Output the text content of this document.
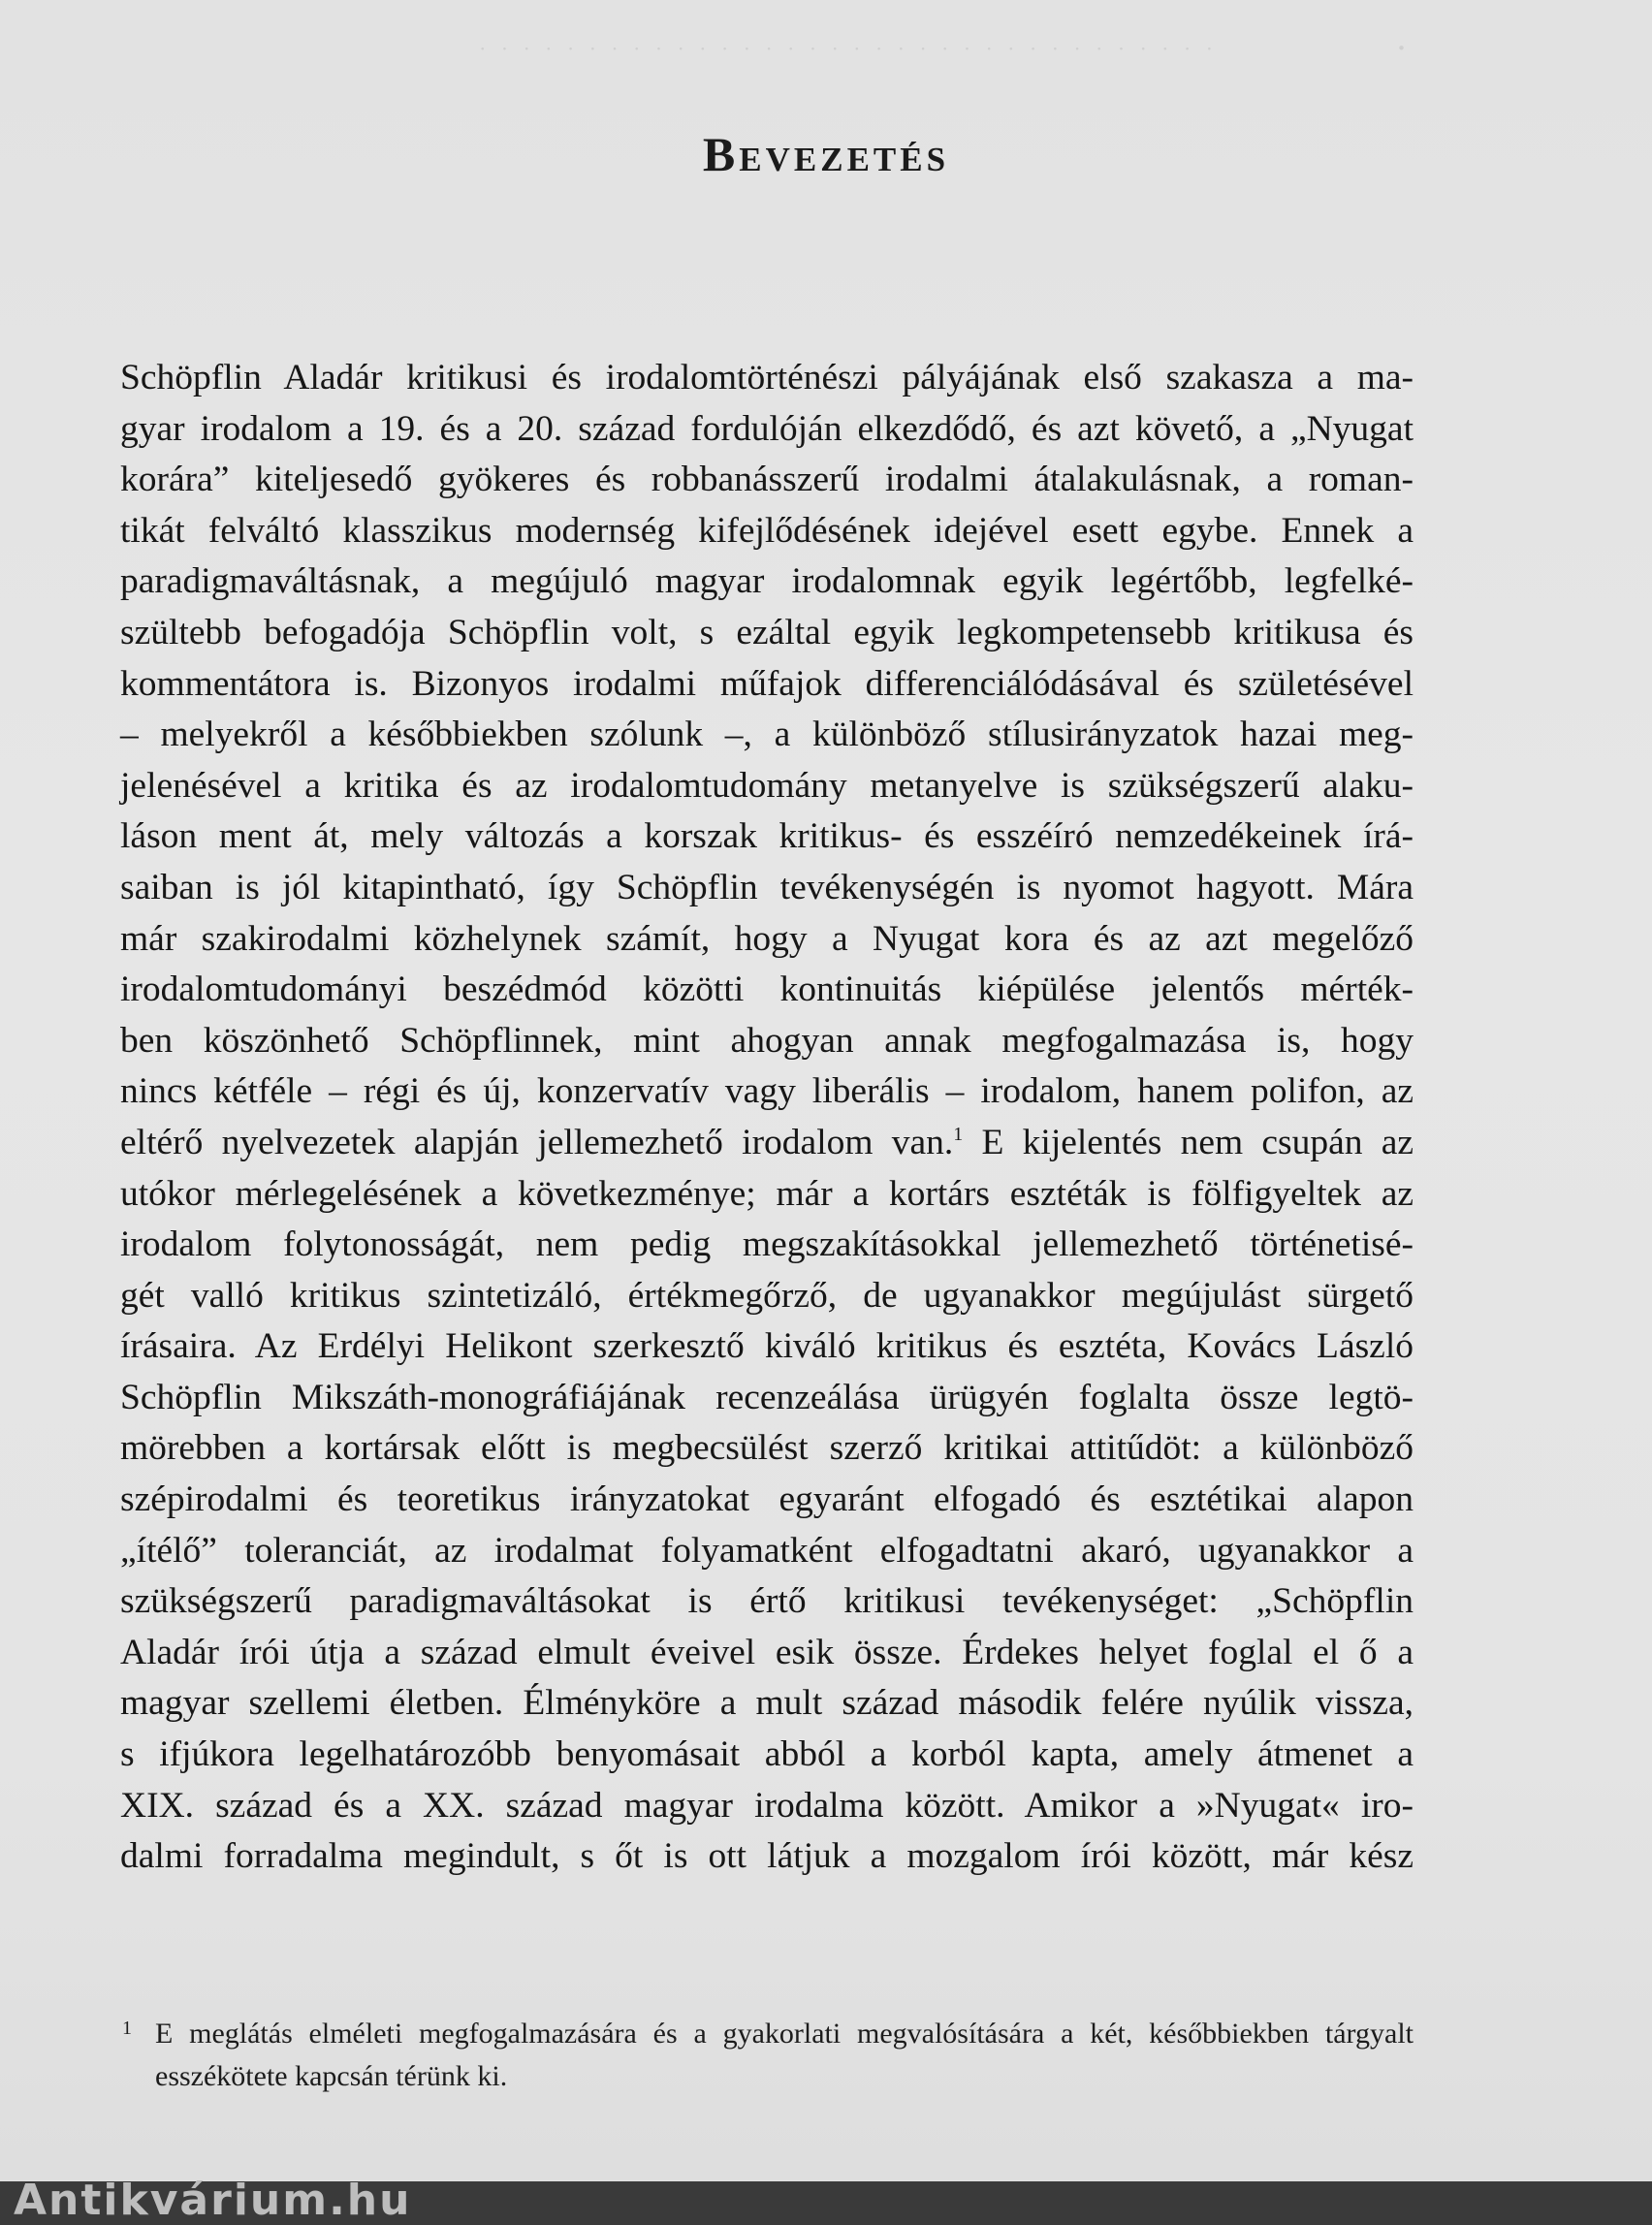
· · · · · · · · · · · · · · · · · · · · · · · · · · · · · · · · · ·	·
Bevezetés
Schöpflin Aladár kritikusi és irodalomtörténészi pályájának első szakasza a ma-
gyar irodalom a 19. és a 20. század fordulóján elkezdődő, és azt követő, a „Nyugat
korára” kiteljesedő gyökeres és robbanásszerű irodalmi átalakulásnak, a roman-
tikát felváltó klasszikus modernség kifejlődésének idejével esett egybe. Ennek a
paradigmaváltásnak, a megújuló magyar irodalomnak egyik legértőbb, legfelké-
szültebb befogadója Schöpflin volt, s ezáltal egyik legkompetensebb kritikusa és
kommentátora is. Bizonyos irodalmi műfajok differenciálódásával és születésével
– melyekről a későbbiekben szólunk –, a különböző stílusirányzatok hazai meg-
jelenésével a kritika és az irodalomtudomány metanyelve is szükségszerű alaku-
láson ment át, mely változás a korszak kritikus- és esszéíró nemzedékeinek írá-
saiban is jól kitapintható, így Schöpflin tevékenységén is nyomot hagyott. Mára
már szakirodalmi közhelynek számít, hogy a Nyugat kora és az azt megelőző
irodalomtudományi beszédmód közötti kontinuitás kiépülése jelentős mérték-
ben köszönhető Schöpflinnek, mint ahogyan annak megfogalmazása is, hogy
nincs kétféle – régi és új, konzervatív vagy liberális – irodalom, hanem polifon, az
eltérő nyelvezetek alapján jellemezhető irodalom van.$^1$ E kijelentés nem csupán az
utókor mérlegelésének a következménye; már a kortárs esztéták is fölfigyeltek az
irodalom folytonosságát, nem pedig megszakításokkal jellemezhető történetisé-
gét valló kritikus szintetizáló, értékmegőrző, de ugyanakkor megújulást sürgető
írásaira. Az Erdélyi Helikont szerkesztő kiváló kritikus és esztéta, Kovács László
Schöpflin Mikszáth-monográfiájának recenzeálása ürügyén foglalta össze legtö-
mörebben a kortársak előtt is megbecsülést szerző kritikai attitűdöt: a különböző
szépirodalmi és teoretikus irányzatokat egyaránt elfogadó és esztétikai alapon
„ítélő” toleranciát, az irodalmat folyamatként elfogadtatni akaró, ugyanakkor a
szükségszerű paradigmaváltásokat is értő kritikusi tevékenységet: „Schöpflin
Aladár írói útja a század elmult éveivel esik össze. Érdekes helyet foglal el ő a
magyar szellemi életben. Élménykörе a mult század második felére nyúlik vissza,
s ifjúkora legelhatározóbb benyomásait abból a korból kapta, amely átmenet a
XIX. század és a XX. század magyar irodalma között. Amikor a »Nyugat« iro-
dalmi forradalma megindult, s őt is ott látjuk a mozgalom írói között, már kész
1 E meglátás elméleti megfogalmazására és a gyakorlati megvalósítására a két, későbbiekben tárgyalt
esszékötete kapcsán térünk ki.
Antikvárium.hu
